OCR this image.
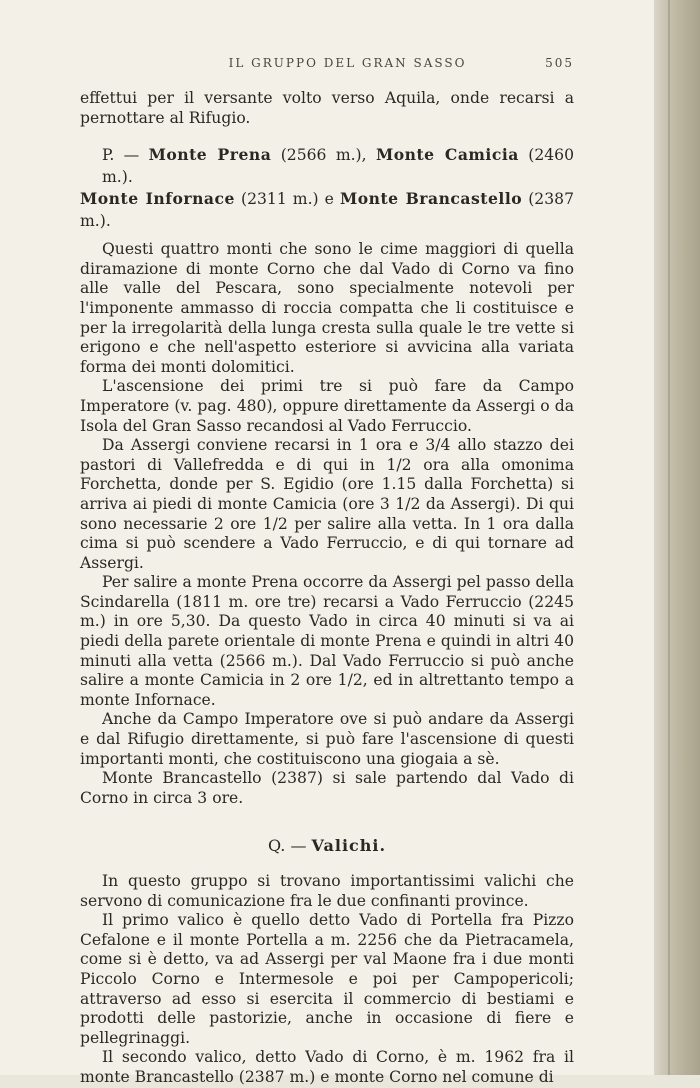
IL GRUPPO DEL GRAN SASSO	505

effettui per il versante volto verso Aquila, onde recarsi a pernottare al Rifugio.

P. — Monte Prena (2566 m.), Monte Camicia (2460 m.).
Monte Infornace (2311 m.) e Monte Brancastello (2387 m.).

Questi quattro monti che sono le cime maggiori di quella diramazione di monte Corno che dal Vado di Corno va fino alle valle del Pescara, sono specialmente notevoli per l'imponente ammasso di roccia compatta che li costituisce e per la irregolarità della lunga cresta sulla quale le tre vette si erigono e che nell'aspetto esteriore si avvicina alla variata forma dei monti dolomitici.

L'ascensione dei primi tre si può fare da Campo Imperatore (v. pag. 480), oppure direttamente da Assergi o da Isola del Gran Sasso recandosi al Vado Ferruccio.

Da Assergi conviene recarsi in 1 ora e 3/4 allo stazzo dei pastori di Vallefredda e di qui in 1/2 ora alla omonima Forchetta, donde per S. Egidio (ore 1.15 dalla Forchetta) si arriva ai piedi di monte Camicia (ore 3 1/2 da Assergi). Di qui sono necessarie 2 ore 1/2 per salire alla vetta. In 1 ora dalla cima si può scendere a Vado Ferruccio, e di qui tornare ad Assergi.

Per salire a monte Prena occorre da Assergi pel passo della Scindarella (1811 m. ore tre) recarsi a Vado Ferruccio (2245 m.) in ore 5,30. Da questo Vado in circa 40 minuti si va ai piedi della parete orientale di monte Prena e quindi in altri 40 minuti alla vetta (2566 m.). Dal Vado Ferruccio si può anche salire a monte Camicia in 2 ore 1/2, ed in altrettanto tempo a monte Infornace.

Anche da Campo Imperatore ove si può andare da Assergi e dal Rifugio direttamente, si può fare l'ascensione di questi importanti monti, che costituiscono una giogaia a sè.

Monte Brancastello (2387) si sale partendo dal Vado di Corno in circa 3 ore.

Q. — Valichi.

In questo gruppo si trovano importantissimi valichi che servono di comunicazione fra le due confinanti province.

Il primo valico è quello detto Vado di Portella fra Pizzo Cefalone e il monte Portella a m. 2256 che da Pietracamela, come si è detto, va ad Assergi per val Maone fra i due monti Piccolo Corno e Intermesole e poi per Campopericoli; attraverso ad esso si esercita il commercio di bestiami e prodotti delle pastorizie, anche in occasione di fiere e pellegrinaggi.

Il secondo valico, detto Vado di Corno, è m. 1962 fra il monte Brancastello (2387 m.) e monte Corno nel comune di
